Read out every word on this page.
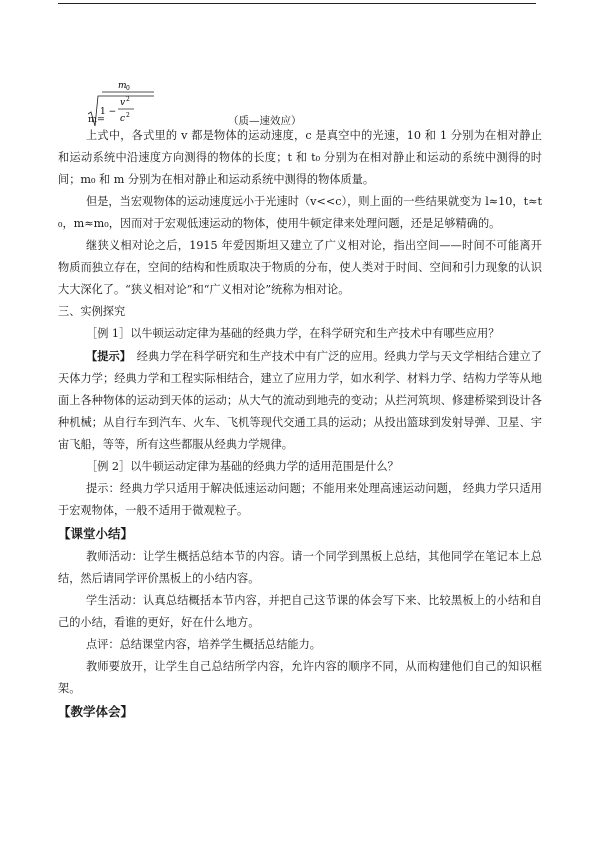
m 0
1 −
v 2
c 2
m=	（质—速效应）

上式中，各式里的 v 都是物体的运动速度，c 是真空中的光速，10 和 1 分别为在相对静止和运动系统中沿速度方向测得的物体的长度；t 和 t₀ 分别为在相对静止和运动的系统中测得的时间；m₀ 和 m 分别为在相对静止和运动系统中测得的物体质量。

但是，当宏观物体的运动速度远小于光速时（v<<c），则上面的一些结果就变为 l≈10，t≈t₀，m≈m₀，因而对于宏观低速运动的物体，使用牛顿定律来处理问题，还是足够精确的。

继狭义相对论之后，1915 年爱因斯坦又建立了广义相对论，指出空间——时间不可能离开物质而独立存在，空间的结构和性质取决于物质的分布，使人类对于时间、空间和引力现象的认识大大深化了。“狭义相对论”和“广义相对论”统称为相对论。

三、实例探究

［例 1］以牛顿运动定律为基础的经典力学，在科学研究和生产技术中有哪些应用？

【提示】  经典力学在科学研究和生产技术中有广泛的应用。经典力学与天文学相结合建立了天体力学；经典力学和工程实际相结合，建立了应用力学，如水利学、材料力学、结构力学等从地面上各种物体的运动到天体的运动；从大气的流动到地壳的变动；从拦河筑坝、修建桥梁到设计各种机械；从自行车到汽车、火车、飞机等现代交通工具的运动；从投出篮球到发射导弹、卫星、宇宙飞船，等等，所有这些都服从经典力学规律。

［例 2］以牛顿运动定律为基础的经典力学的适用范围是什么？

提示：经典力学只适用于解决低速运动问题；不能用来处理高速运动问题， 经典力学只适用于宏观物体，一般不适用于微观粒子。

【课堂小结】

教师活动：让学生概括总结本节的内容。请一个同学到黑板上总结，其他同学在笔记本上总结，然后请同学评价黑板上的小结内容。

学生活动：认真总结概括本节内容，并把自己这节课的体会写下来、比较黑板上的小结和自己的小结，看谁的更好，好在什么地方。

点评：总结课堂内容，培养学生概括总结能力。

教师要放开，让学生自己总结所学内容，允许内容的顺序不同，从而构建他们自己的知识框架。

【教学体会】
